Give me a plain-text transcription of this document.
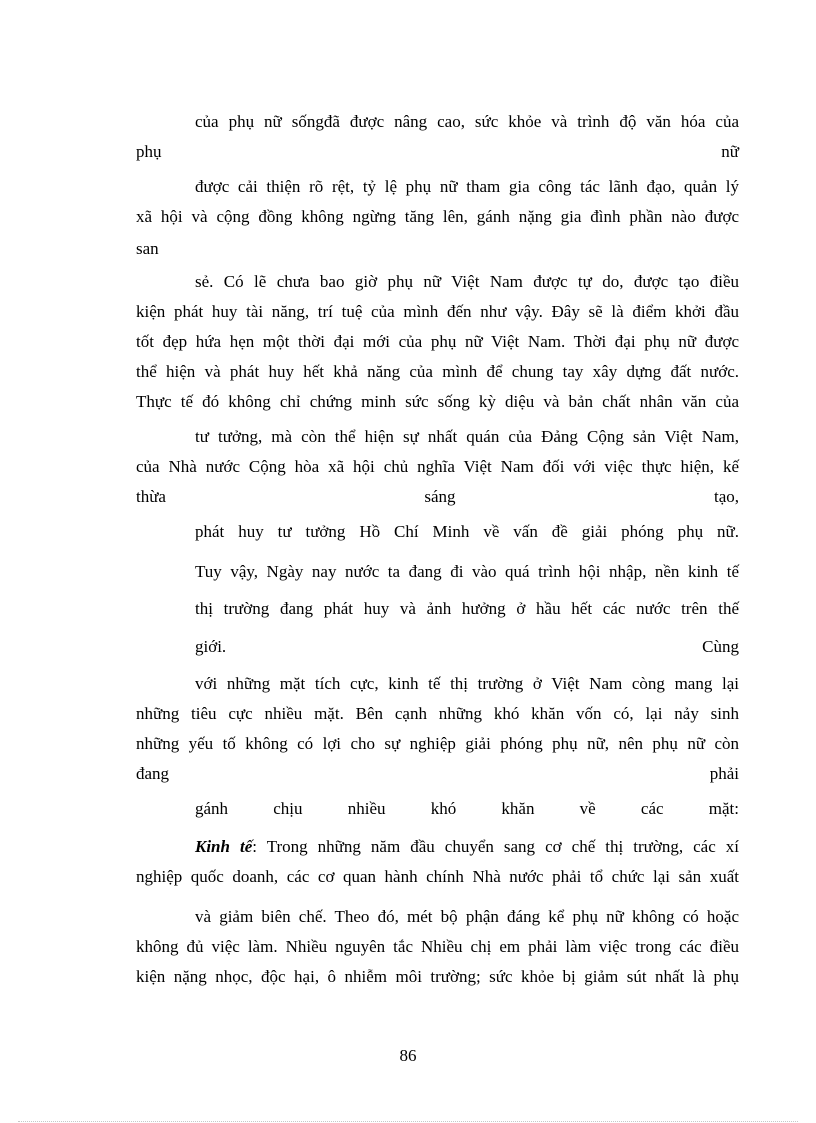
của phụ nữ sốngđã được nâng cao, sức khỏe và trình độ văn hóa của
phụ nữ
được cải thiện rõ rệt, tỷ lệ phụ nữ tham gia công tác lãnh đạo, quản lý
xã hội và cộng đồng không ngừng tăng lên, gánh nặng gia đình phần nào được
san
sẻ. Có lẽ chưa bao giờ phụ nữ Việt Nam được tự do, được tạo điều
kiện phát huy tài năng, trí tuệ của mình đến như vậy. Đây sẽ là điểm khởi đầu
tốt đẹp hứa hẹn một thời đại mới của phụ nữ Việt Nam. Thời đại phụ nữ được
thể hiện và phát huy hết khả năng của mình để chung tay xây dựng đất nước.
Thực tế đó không chỉ chứng minh sức sống kỳ diệu và bản chất nhân văn của
tư tưởng, mà còn thể hiện sự nhất quán của Đảng Cộng sản Việt Nam,
của Nhà nước Cộng hòa xã hội chủ nghĩa Việt Nam đối với việc thực hiện, kế
thừa sáng tạo,
phát huy tư tưởng Hồ Chí Minh về vấn đề giải phóng phụ nữ.
Tuy vậy, Ngày nay nước ta đang đi vào quá trình hội nhập, nền kinh tế
thị trường đang phát huy và ảnh hưởng ở hầu hết các nước trên thế
giới. Cùng
với những mặt tích cực, kinh tế thị trường ở Việt Nam còng mang lại
những tiêu cực nhiều mặt. Bên cạnh những khó khăn vốn có, lại nảy sinh
những yếu tố không có lợi cho sự nghiệp giải phóng phụ nữ, nên phụ nữ còn
đang phải
gánh chịu nhiều khó khăn về các mặt:
Kinh tế: Trong những năm đầu chuyển sang cơ chế thị trường, các xí
nghiệp quốc doanh, các cơ quan hành chính Nhà nước phải tổ chức lại sản xuất
và giảm biên chế. Theo đó, mét bộ phận đáng kể phụ nữ không có hoặc
không đủ việc làm. Nhiều nguyên tắc Nhiều chị em phải làm việc trong các điều
kiện nặng nhọc, độc hại, ô nhiễm môi trường; sức khỏe bị giảm sút nhất là phụ
86
